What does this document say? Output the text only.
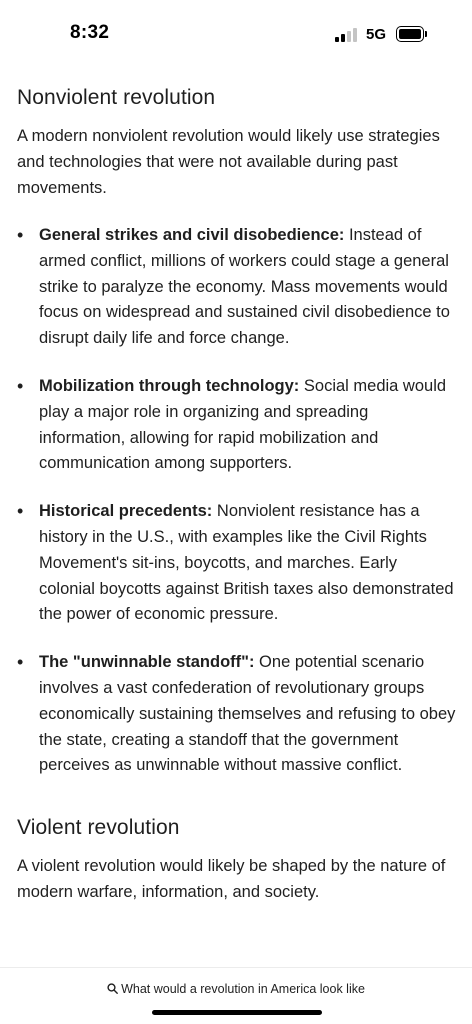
8:32	5G
Nonviolent revolution

A modern nonviolent revolution would likely use strategies and technologies that were not available during past movements.

• General strikes and civil disobedience: Instead of armed conflict, millions of workers could stage a general strike to paralyze the economy. Mass movements would focus on widespread and sustained civil disobedience to disrupt daily life and force change.
• Mobilization through technology: Social media would play a major role in organizing and spreading information, allowing for rapid mobilization and communication among supporters.
• Historical precedents: Nonviolent resistance has a history in the U.S., with examples like the Civil Rights Movement's sit-ins, boycotts, and marches. Early colonial boycotts against British taxes also demonstrated the power of economic pressure.
• The "unwinnable standoff": One potential scenario involves a vast confederation of revolutionary groups economically sustaining themselves and refusing to obey the state, creating a standoff that the government perceives as unwinnable without massive conflict.
Violent revolution

A violent revolution would likely be shaped by the nature of modern warfare, information, and society.

What would a revolution in America look like
